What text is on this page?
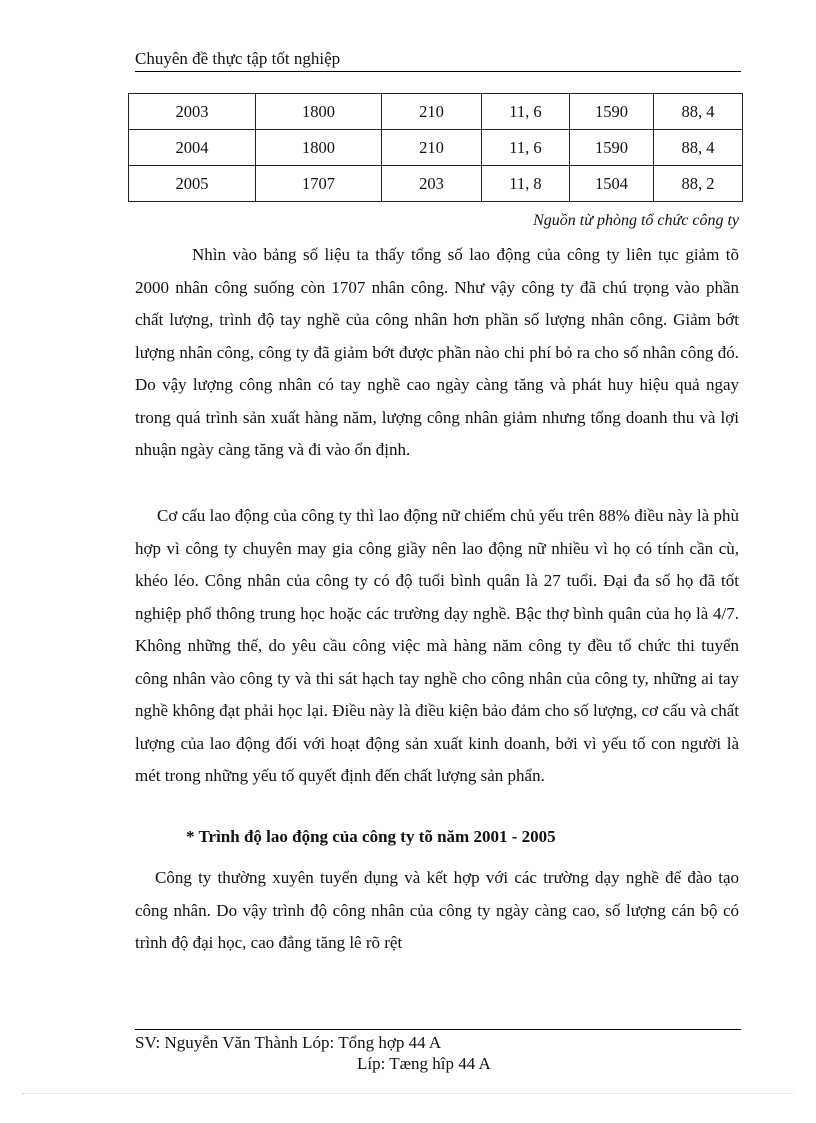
Chuyên đề thực tập tốt nghiệp
2003	1800	210	11, 6	1590	88, 4
2004	1800	210	11, 6	1590	88, 4
2005	1707	203	11, 8	1504	88, 2
Nguồn từ phòng tổ chức công ty

Nhìn vào bảng số liệu ta thấy tổng số lao động của công ty liên tục giảm tõ 2000 nhân công suống còn 1707 nhân công. Như vậy công ty đã chú trọng vào phần chất lượng, trình độ tay nghề của công nhân hơn phần số lượng nhân công. Giảm bớt lượng nhân công, công ty đã giảm bớt được phần nào chi phí bỏ ra cho số nhân công đó. Do vậy lượng công nhân có tay nghề cao ngày càng tăng và phát huy hiệu quả ngay trong quá trình sản xuất hàng năm, lượng công nhân giảm nhưng tổng doanh thu và lợi nhuận ngày càng tăng và đi vào ổn định.

Cơ cấu lao động của công ty thì lao động nữ chiếm chủ yếu trên 88% điều này là phù hợp vì công ty chuyên may gia công giầy nên lao động nữ nhiều vì họ có tính cần cù, khéo léo. Công nhân của công ty có độ tuổi bình quân là 27 tuổi. Đại đa số họ đã tốt nghiệp phổ thông trung học hoặc các trường dạy nghề. Bậc thợ bình quân của họ là 4/7. Không những thế, do yêu cầu công việc mà hàng năm công ty đều tổ chức thi tuyển công nhân vào công ty và thi sát hạch tay nghề cho công nhân của công ty, những ai tay nghề không đạt phải học lại. Điều này là điều kiện bảo đảm cho số lượng, cơ cấu và chất lượng của lao động đối với hoạt động sản xuất kinh doanh, bởi vì yếu tố con người là mét trong những yếu tố quyết định đến chất lượng sản phẩn.

* Trình độ lao động của công ty tõ năm 2001 - 2005

Công ty thường xuyên tuyển dụng và kết hợp với các trường dạy nghề để đào tạo công nhân. Do vậy trình độ công nhân của công ty ngày càng cao, số lượng cán bộ có trình độ đại học, cao đẳng tăng lê rõ rệt

SV: Nguyễn Văn Thành Lóp: Tổng hợp 44 A
Líp: Tæng hîp 44 A
